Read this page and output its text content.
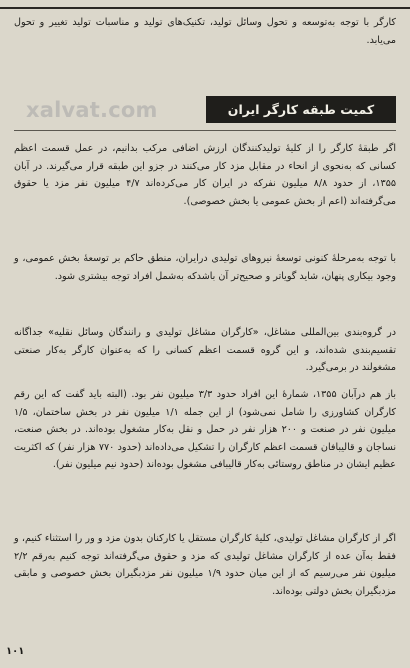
کارگر با توجه به‌توسعه و تحول وسائل تولید، تکنیک‌های تولید و مناسبات تولید تغییر و تحول می‌یابد.

xalvat.com	کمیت طبقه کارگر ایران

اگر طبقهٔ کارگر را از کلیهٔ تولیدکنندگان ارزش اضافی مرکب بدانیم، در عمل قسمت اعظم کسانی که به‌نحوی از انحاء در مقابل مزد کار می‌کنند در جزو این طبقه قرار می‌گیرند. در آبان ۱۳۵۵، از حدود ۸/۸ میلیون نفرکه در ایران کار می‌کرده‌اند ۴/۷ میلیون نفر مزد یا حقوق می‌گرفته‌اند (اعم از بخش عمومی یا بخش خصوصی).

با توجه به‌مرحلهٔ کنونی توسعهٔ نیروهای تولیدی درایران، منطق حاکم بر توسعهٔ بخش عمومی، و وجود بیکاری پنهان، شاید گویاتر و صحیح‌تر آن باشدکه به‌شمل افراد توجه بیشتری شود.

در گروه‌بندی بین‌المللی مشاغل، «کارگران مشاغل تولیدی و رانندگان وسائل نقلیه» جداگانه تقسیم‌بندی شده‌اند، و این گروه قسمت اعظم کسانی را که به‌عنوان کارگر به‌کار صنعتی مشغولند در برمی‌گیرد.

باز هم درآبان ۱۳۵۵، شمارهٔ این افراد حدود ۳/۳ میلیون نفر بود. (البته باید گفت که این رقم کارگران کشاورزی را شامل نمی‌شود) از این جمله ۱/۱ میلیون نفر در بخش ساختمان، ۱/۵ میلیون نفر در صنعت و ۲۰۰ هزار نفر در حمل و نقل به‌کار مشغول بوده‌اند. در بخش صنعت، نساجان و قالیبافان قسمت اعظم کارگران را تشکیل می‌داده‌اند (حدود ۷۷۰ هزار نفر) که اکثریت عظیم ایشان در مناطق روستائی به‌کار قالیبافی مشغول بوده‌اند (حدود نیم میلیون نفر).

اگر از کارگران مشاغل تولیدی، کلیهٔ کارگران مستقل یا کارکنان بدون مزد و ور را استثناء کنیم، و فقط به‌آن عده از کارگران مشاغل تولیدی که مزد و حقوق می‌گرفته‌اند توجه کنیم به‌رقم ۲/۲ میلیون نفر می‌رسیم که از این میان حدود ۱/۹ میلیون نفر مزدبگیران بخش خصوصی و مابقی مزدبگیران بخش دولتی بوده‌اند.

۱۰۱
